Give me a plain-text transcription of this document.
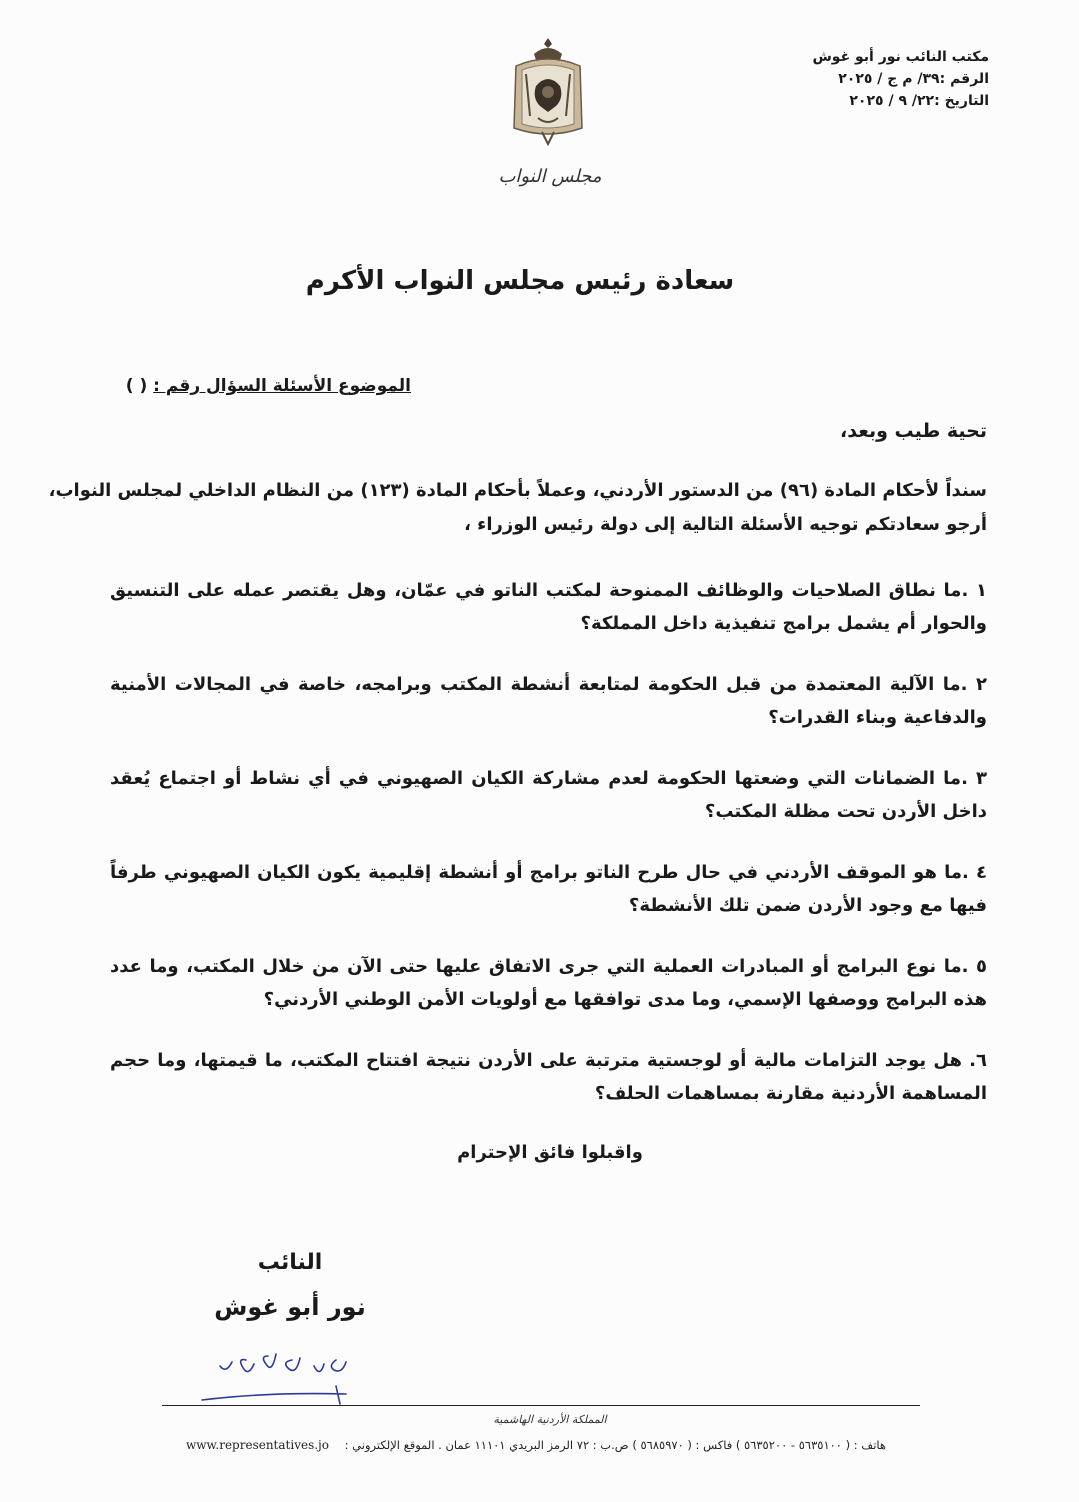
مكتب النائب نور أبو غوش
الرقم :٣٩/ م ج / ٢٠٢٥
التاريخ :٢٢/ ٩ / ٢٠٢٥
مجلس النواب
سعادة رئيس مجلس النواب الأكرم
الموضوع الأسئلة السؤال رقم : ( )
تحية طيب وبعد،
سنداً لأحكام المادة (٩٦) من الدستور الأردني، وعملاً بأحكام المادة (١٢٣) من النظام الداخلي لمجلس النواب،
أرجو سعادتكم توجيه الأسئلة التالية إلى دولة رئيس الوزراء ،
١ .ما نطاق الصلاحيات والوظائف الممنوحة لمكتب الناتو في عمّان، وهل يقتصر عمله على التنسيق والحوار أم يشمل برامج تنفيذية داخل المملكة؟
٢ .ما الآلية المعتمدة من قبل الحكومة لمتابعة أنشطة المكتب وبرامجه، خاصة في المجالات الأمنية والدفاعية وبناء القدرات؟
٣ .ما الضمانات التي وضعتها الحكومة لعدم مشاركة الكيان الصهيوني في أي نشاط أو اجتماع يُعقد داخل الأردن تحت مظلة المكتب؟
٤ .ما هو الموقف الأردني في حال طرح الناتو برامج أو أنشطة إقليمية يكون الكيان الصهيوني طرفاً فيها مع وجود الأردن ضمن تلك الأنشطة؟
٥ .ما نوع البرامج أو المبادرات العملية التي جرى الاتفاق عليها حتى الآن من خلال المكتب، وما عدد هذه البرامج ووصفها الإسمي، وما مدى توافقها مع أولويات الأمن الوطني الأردني؟
٦. هل يوجد التزامات مالية أو لوجستية مترتبة على الأردن نتيجة افتتاح المكتب، ما قيمتها، وما حجم المساهمة الأردنية مقارنة بمساهمات الحلف؟
واقبلوا فائق الإحترام
النائب
نور أبو غوش
المملكة الأردنية الهاشمية
هاتف : ( ٥٦٣٥١٠٠ - ٥٦٣٥٢٠٠ ) فاكس : ( ٥٦٨٥٩٧٠ ) ص.ب : ٧٢ الرمز البريدي ١١١٠١ عمان . الموقع الإلكتروني :
www.representatives.jo
